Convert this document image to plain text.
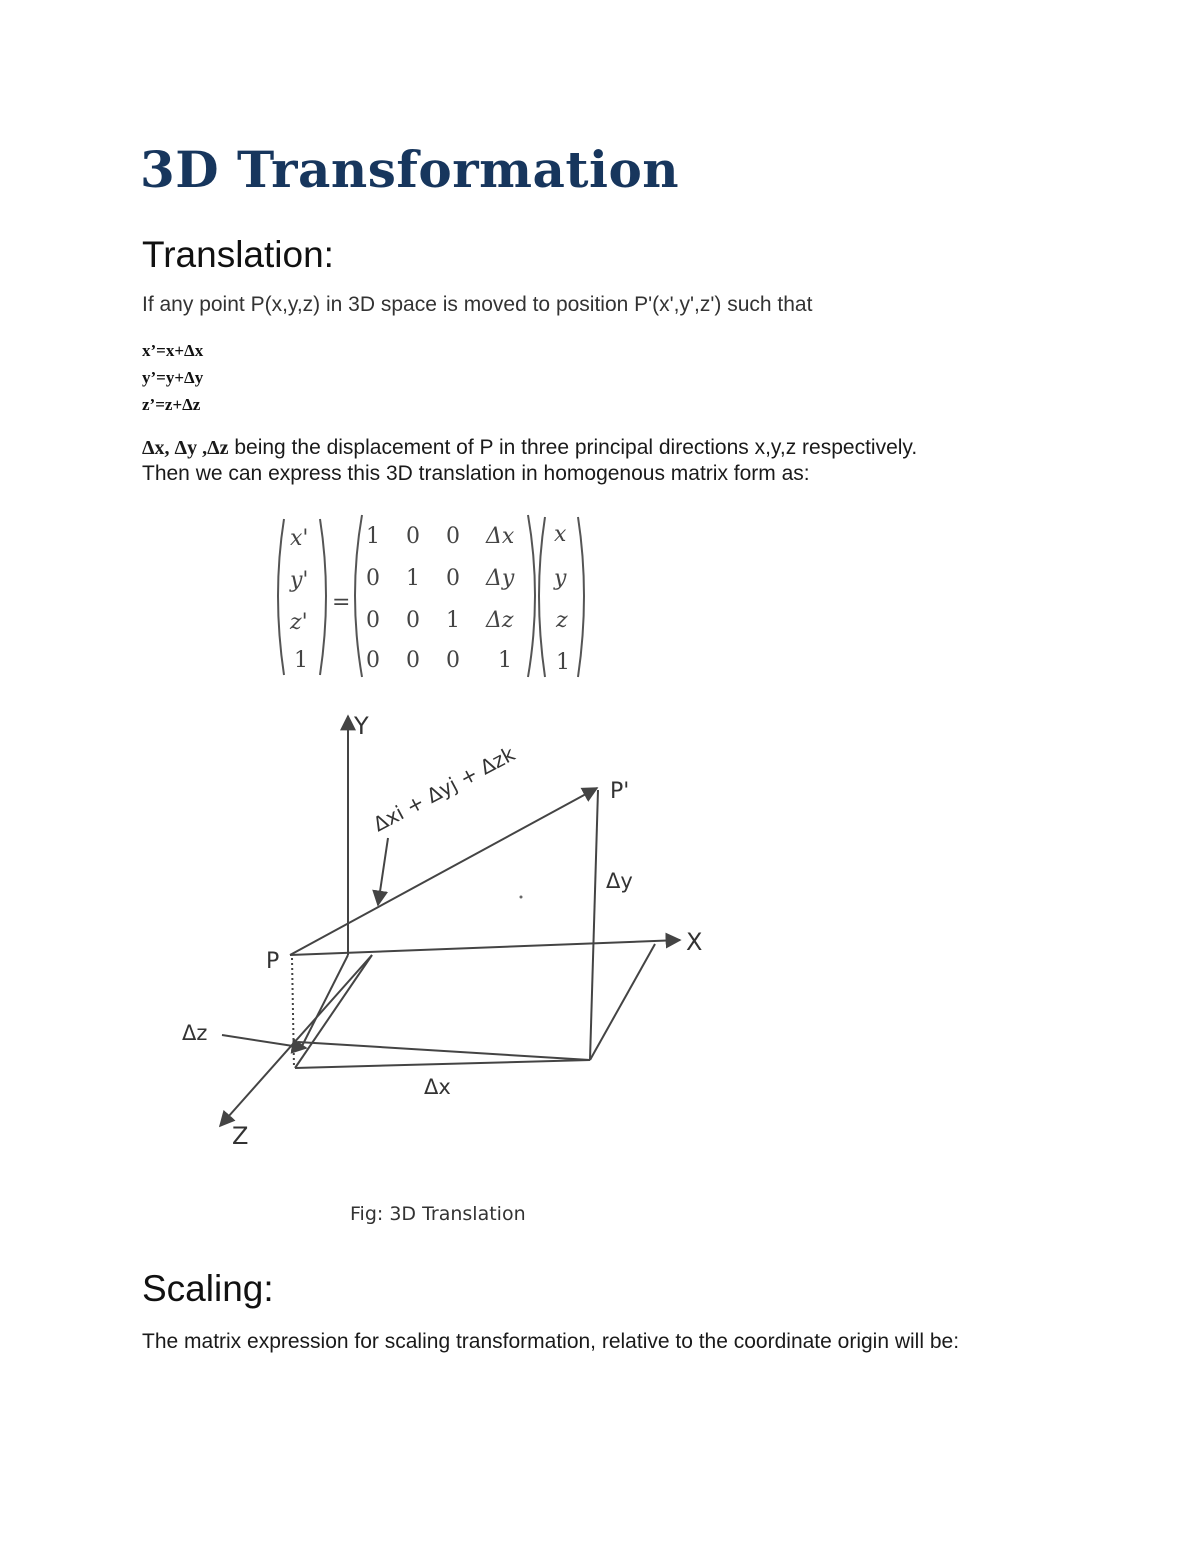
3D Transformation
Translation:
If any point P(x,y,z) in 3D space is moved to position P'(x',y',z') such that
x’=x+Δx
y’=y+Δy
z’=z+Δz
Δx, Δy ,Δz being the displacement of P in three principal directions x,y,z respectively.
Then we can express this 3D translation in homogenous matrix form as:
x'
y'
z'
1
=
1 0 0 Δx
0 1 0 Δy
0 0 1 Δz
0 0 0 1
x
y
z
1
Y
X
Z
P
P'
Δxi + Δyj + Δzk
Δy
Δz
Δx
Fig: 3D Translation
Scaling:
The matrix expression for scaling transformation, relative to the coordinate origin will be:
